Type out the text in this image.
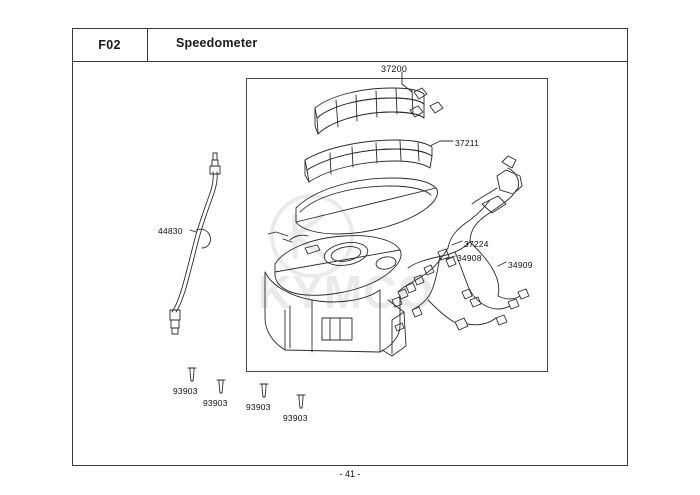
F02	Speedometer
KYMCO
37200
37211
37224
34908
34909
44830
93903
93903 93903
93903
- 41 -
